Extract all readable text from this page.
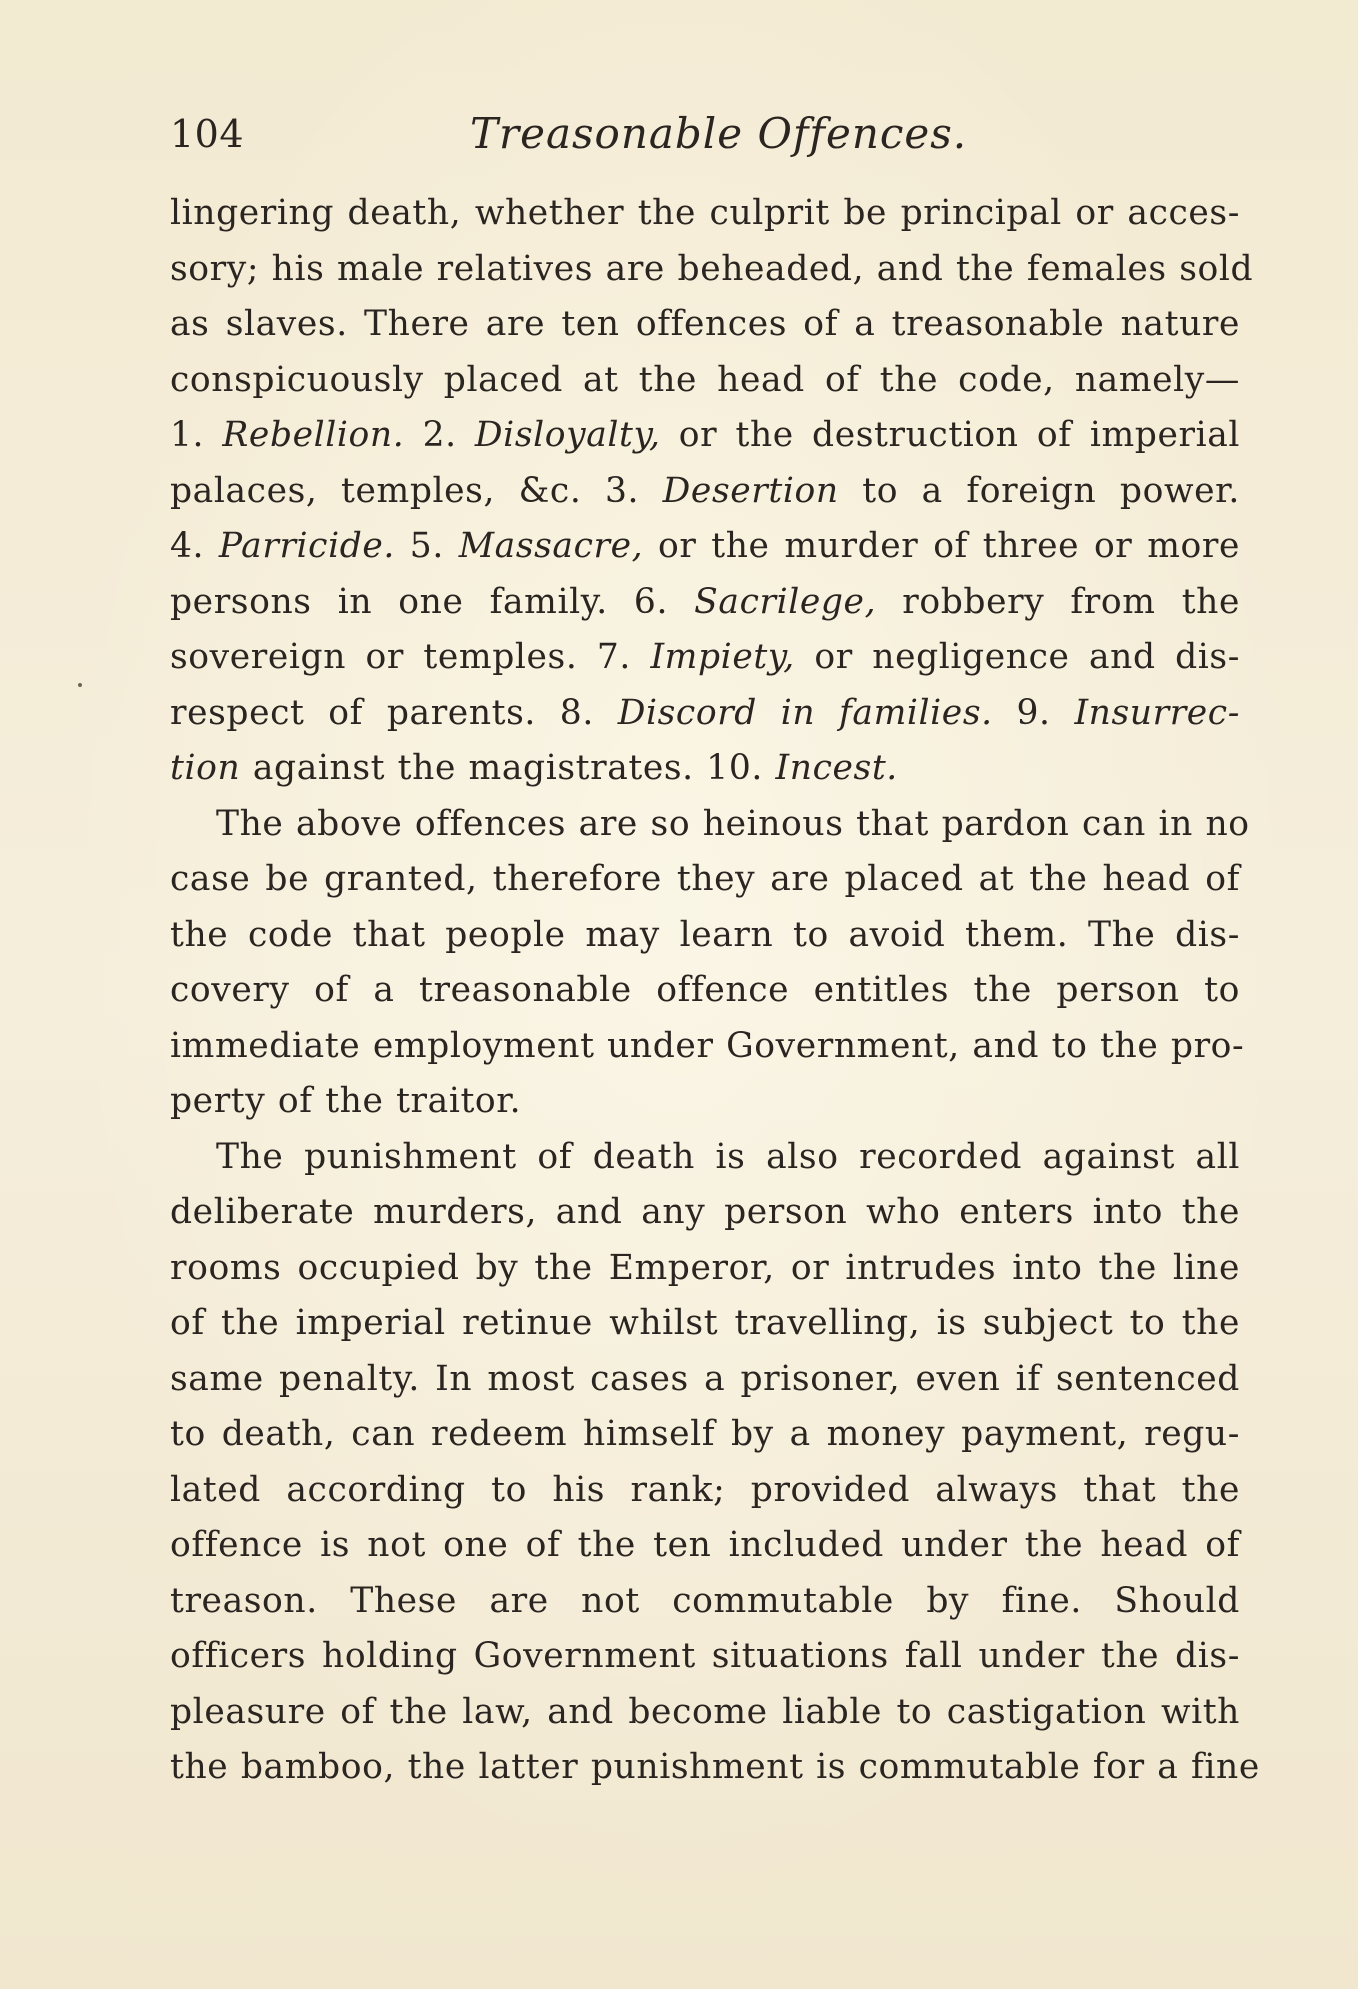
104	Treasonable Offences.
lingering death, whether the culprit be principal or acces-
sory; his male relatives are beheaded, and the females sold
as slaves. There are ten offences of a treasonable nature
conspicuously placed at the head of the code, namely—
1. Rebellion. 2. Disloyalty, or the destruction of imperial
palaces, temples, &c. 3. Desertion to a foreign power.
4. Parricide. 5. Massacre, or the murder of three or more
persons in one family. 6. Sacrilege, robbery from the
sovereign or temples. 7. Impiety, or negligence and dis-
respect of parents. 8. Discord in families. 9. Insurrec-
tion against the magistrates. 10. Incest.
The above offences are so heinous that pardon can in no
case be granted, therefore they are placed at the head of
the code that people may learn to avoid them. The dis-
covery of a treasonable offence entitles the person to
immediate employment under Government, and to the pro-
perty of the traitor.
The punishment of death is also recorded against all
deliberate murders, and any person who enters into the
rooms occupied by the Emperor, or intrudes into the line
of the imperial retinue whilst travelling, is subject to the
same penalty. In most cases a prisoner, even if sentenced
to death, can redeem himself by a money payment, regu-
lated according to his rank; provided always that the
offence is not one of the ten included under the head of
treason. These are not commutable by fine. Should
officers holding Government situations fall under the dis-
pleasure of the law, and become liable to castigation with
the bamboo, the latter punishment is commutable for a fine
